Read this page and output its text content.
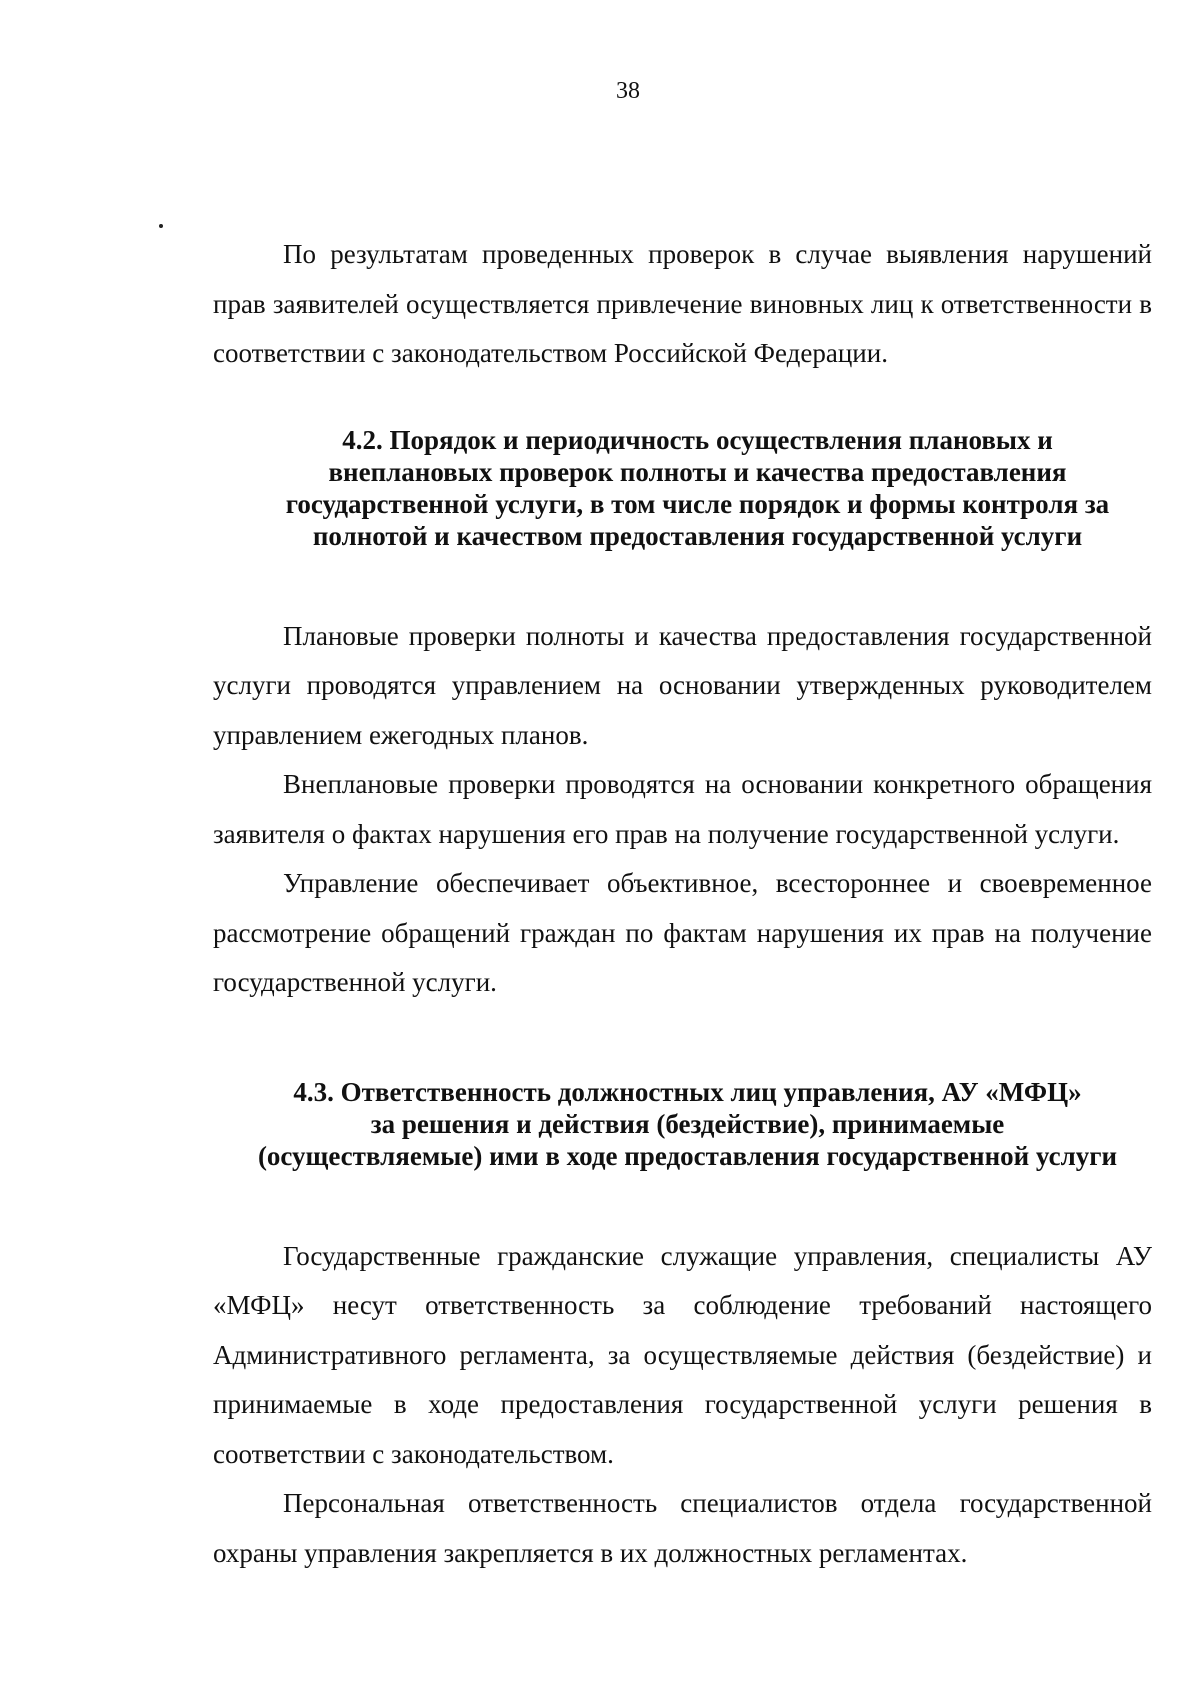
38

По результатам проведенных проверок в случае выявления нарушений прав заявителей осуществляется привлечение виновных лиц к ответственности в соответствии с законодательством Российской Федерации.

4.2. Порядок и периодичность осуществления плановых и
внеплановых проверок полноты и качества предоставления
государственной услуги, в том числе порядок и формы контроля за
полнотой и качеством предоставления государственной услуги

Плановые проверки полноты и качества предоставления государственной услуги проводятся управлением на основании утвержденных руководителем управлением ежегодных планов.

Внеплановые проверки проводятся на основании конкретного обращения заявителя о фактах нарушения его прав на получение государственной услуги.

Управление обеспечивает объективное, всестороннее и своевременное рассмотрение обращений граждан по фактам нарушения их прав на получение государственной услуги.

4.3. Ответственность должностных лиц управления, АУ «МФЦ»
за решения и действия (бездействие), принимаемые
(осуществляемые) ими в ходе предоставления государственной услуги

Государственные гражданские служащие управления, специалисты АУ «МФЦ» несут ответственность за соблюдение требований настоящего Административного регламента, за осуществляемые действия (бездействие) и принимаемые в ходе предоставления государственной услуги решения в соответствии с законодательством.

Персональная ответственность специалистов отдела государственной охраны управления закрепляется в их должностных регламентах.
